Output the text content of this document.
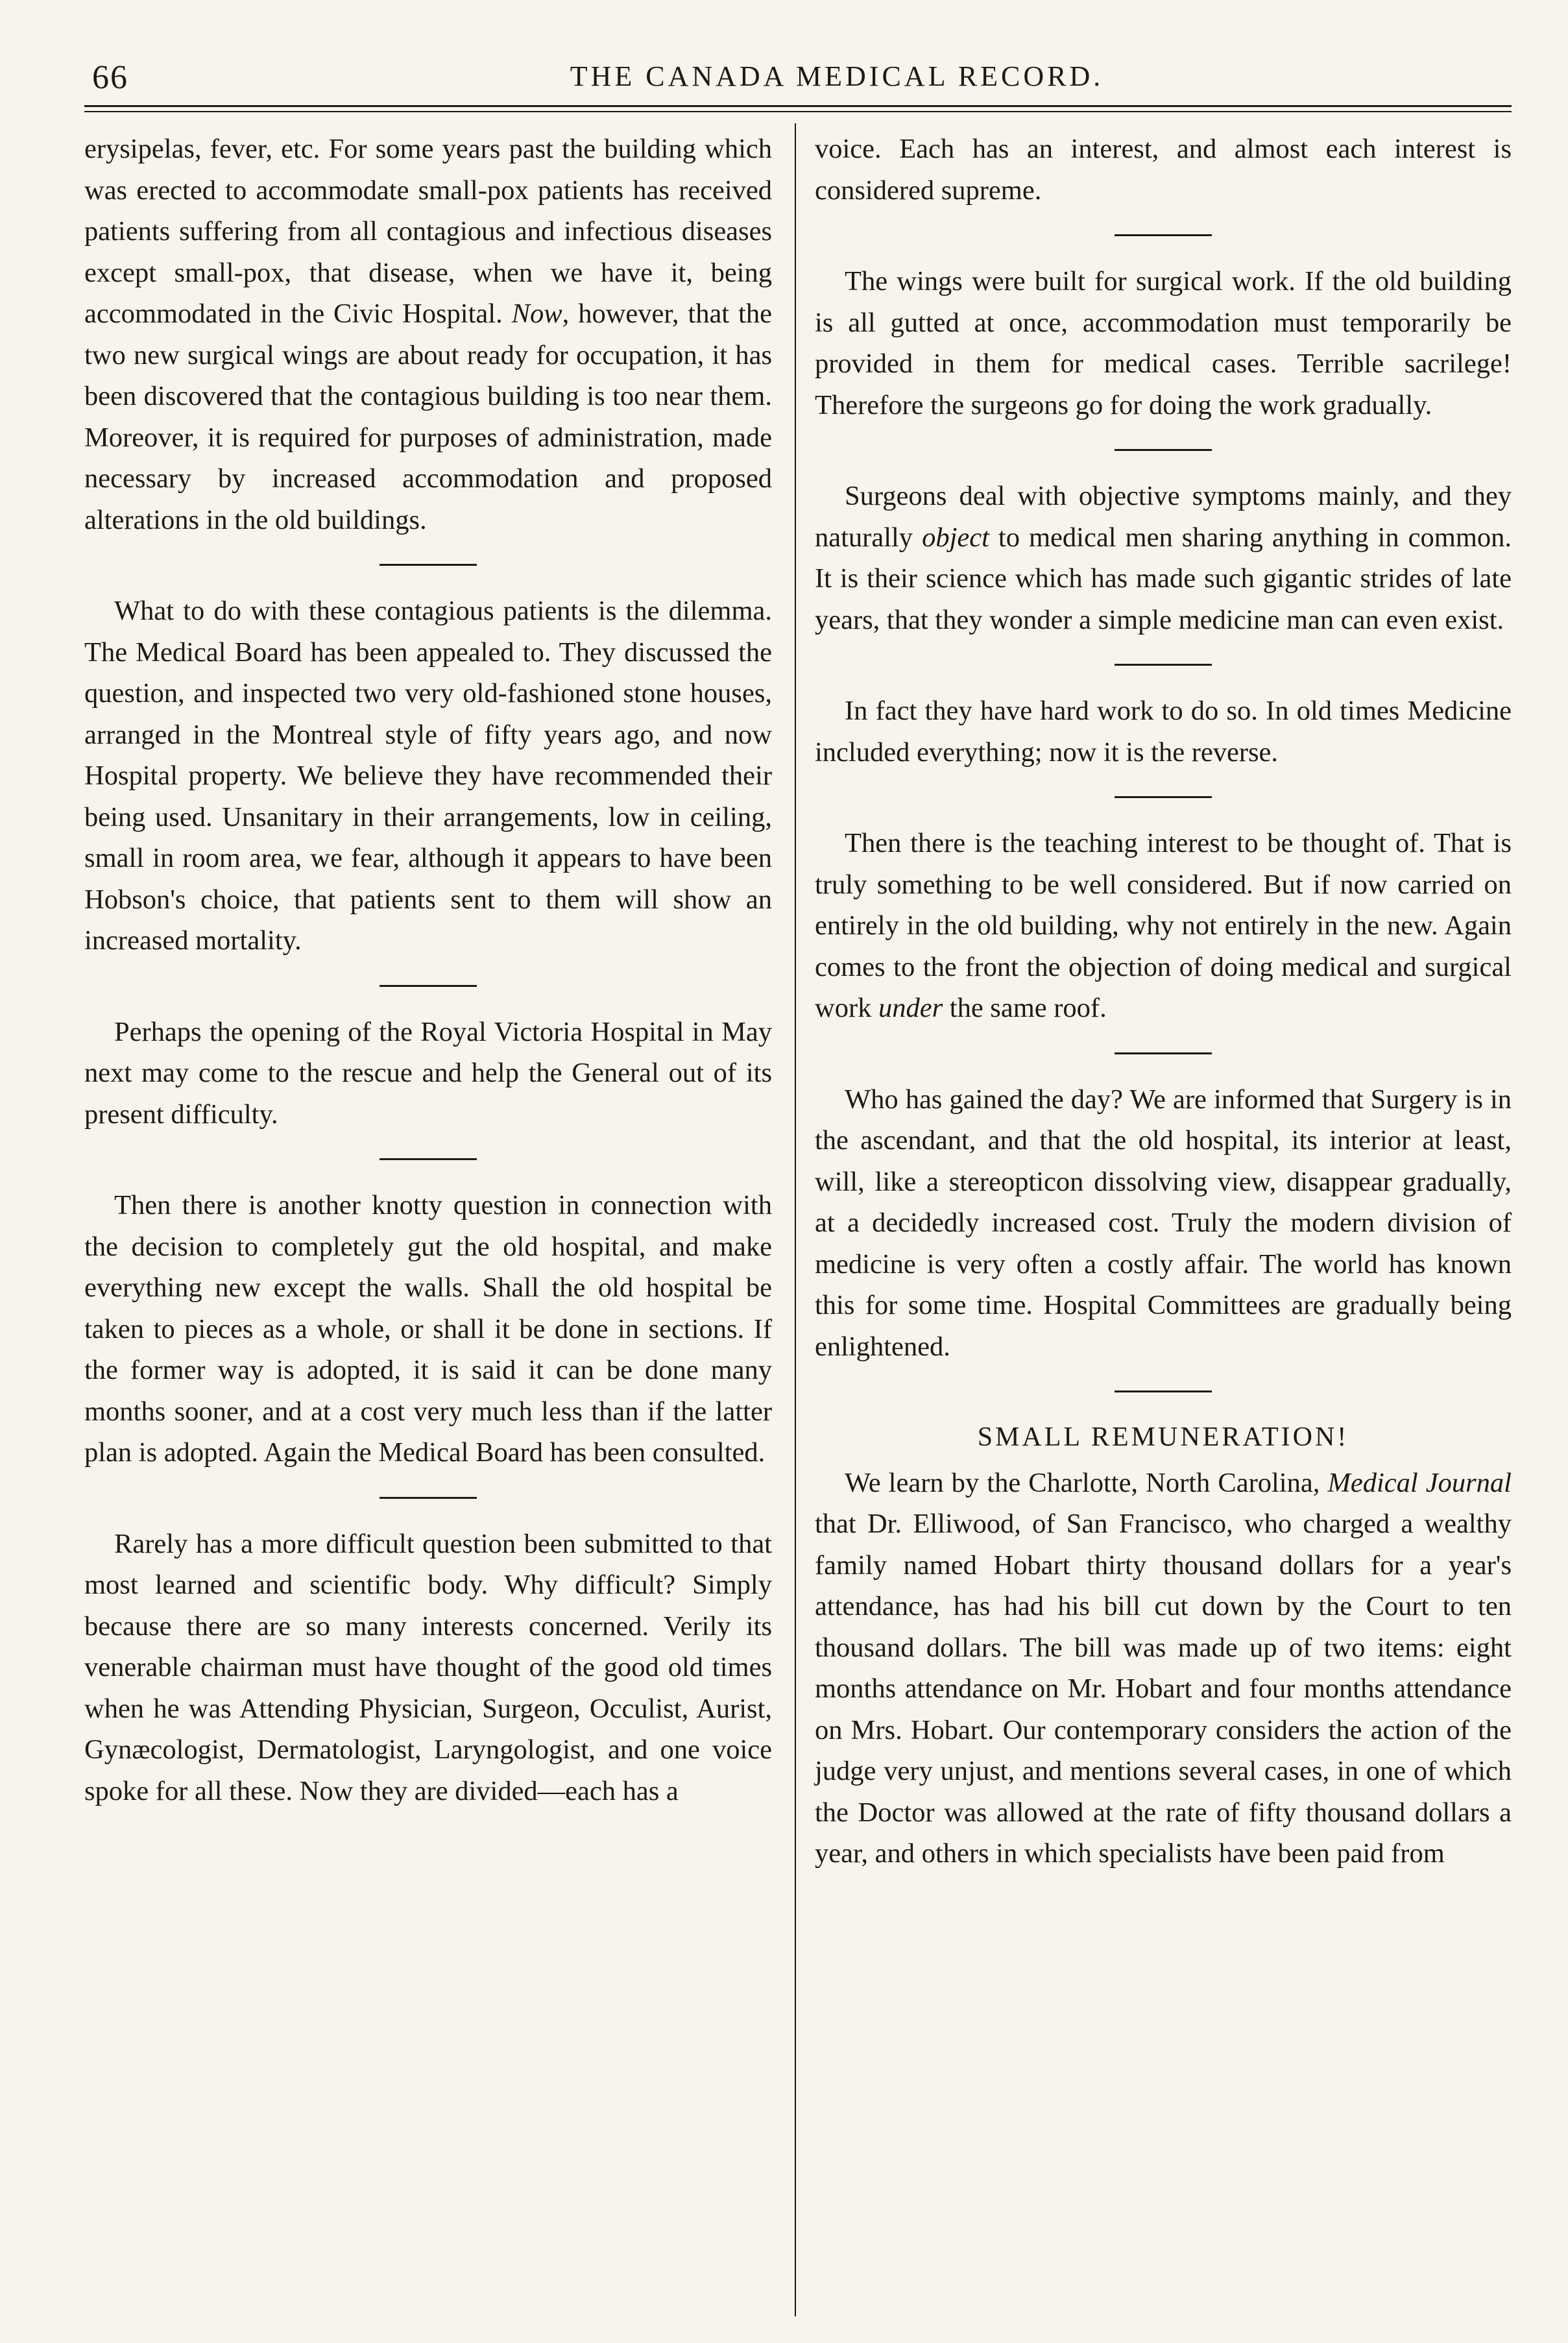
66	THE CANADA MEDICAL RECORD.

erysipelas, fever, etc. For some years past the building which was erected to accommodate small-pox patients has received patients suffering from all contagious and infectious diseases except small-pox, that disease, when we have it, being accommodated in the Civic Hospital. Now, however, that the two new surgical wings are about ready for occupation, it has been discovered that the contagious building is too near them. Moreover, it is required for purposes of administration, made necessary by increased accommodation and proposed alterations in the old buildings.

What to do with these contagious patients is the dilemma. The Medical Board has been appealed to. They discussed the question, and inspected two very old-fashioned stone houses, arranged in the Montreal style of fifty years ago, and now Hospital property. We believe they have recommended their being used. Unsanitary in their arrangements, low in ceiling, small in room area, we fear, although it appears to have been Hobson's choice, that patients sent to them will show an increased mortality.

Perhaps the opening of the Royal Victoria Hospital in May next may come to the rescue and help the General out of its present difficulty.

Then there is another knotty question in connection with the decision to completely gut the old hospital, and make everything new except the walls. Shall the old hospital be taken to pieces as a whole, or shall it be done in sections. If the former way is adopted, it is said it can be done many months sooner, and at a cost very much less than if the latter plan is adopted. Again the Medical Board has been consulted.

Rarely has a more difficult question been submitted to that most learned and scientific body. Why difficult? Simply because there are so many interests concerned. Verily its venerable chairman must have thought of the good old times when he was Attending Physician, Surgeon, Occulist, Aurist, Gynæcologist, Dermatologist, Laryngologist, and one voice spoke for all these. Now they are divided—each has a

voice. Each has an interest, and almost each interest is considered supreme.

The wings were built for surgical work. If the old building is all gutted at once, accommodation must temporarily be provided in them for medical cases. Terrible sacrilege! Therefore the surgeons go for doing the work gradually.

Surgeons deal with objective symptoms mainly, and they naturally object to medical men sharing anything in common. It is their science which has made such gigantic strides of late years, that they wonder a simple medicine man can even exist.

In fact they have hard work to do so. In old times Medicine included everything; now it is the reverse.

Then there is the teaching interest to be thought of. That is truly something to be well considered. But if now carried on entirely in the old building, why not entirely in the new. Again comes to the front the objection of doing medical and surgical work under the same roof.

Who has gained the day? We are informed that Surgery is in the ascendant, and that the old hospital, its interior at least, will, like a stereopticon dissolving view, disappear gradually, at a decidedly increased cost. Truly the modern division of medicine is very often a costly affair. The world has known this for some time. Hospital Committees are gradually being enlightened.

SMALL REMUNERATION!

We learn by the Charlotte, North Carolina, Medical Journal that Dr. Elliwood, of San Francisco, who charged a wealthy family named Hobart thirty thousand dollars for a year's attendance, has had his bill cut down by the Court to ten thousand dollars. The bill was made up of two items: eight months attendance on Mr. Hobart and four months attendance on Mrs. Hobart. Our contemporary considers the action of the judge very unjust, and mentions several cases, in one of which the Doctor was allowed at the rate of fifty thousand dollars a year, and others in which specialists have been paid from
